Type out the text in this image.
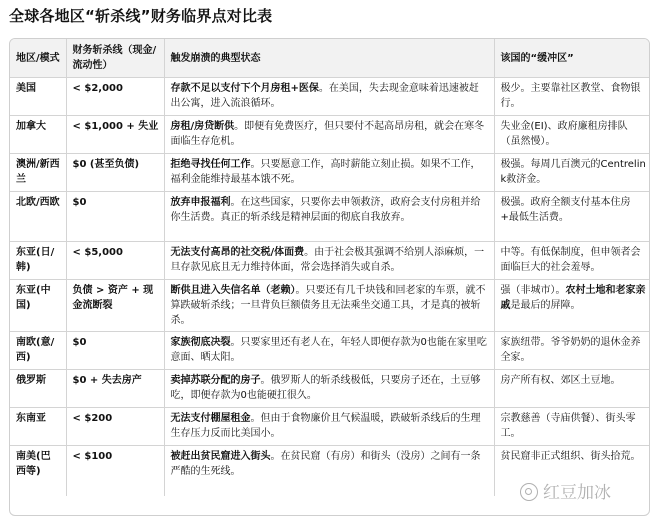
全球各地区“斩杀线”财务临界点对比表
地区/模式	财务斩杀线（现金/流动性）	触发崩溃的典型状态	该国的“缓冲区”
美国	< $2,000	存款不足以支付下个月房租+医保。在美国，失去现金意味着迅速被赶出公寓，进入流浪循环。	极少。主要靠社区教堂、食物银行。
加拿大	< $1,000 + 失业	房租/房贷断供。即便有免费医疗，但只要付不起高昂房租，就会在寒冬面临生存危机。	失业金(EI)、政府廉租房排队（虽然慢）。
澳洲/新西兰	$0 (甚至负债)	拒绝寻找任何工作。只要愿意工作，高时薪能立刻止损。如果不工作，福利金能维持最基本饿不死。	极强。每周几百澳元的Centrelink救济金。
北欧/西欧	$0	放弃申报福利。在这些国家，只要你去申领救济，政府会支付房租并给你生活费。真正的斩杀线是精神层面的彻底自我放弃。	极强。政府全额支付基本住房+最低生活费。
东亚(日/韩)	< $5,000	无法支付高昂的社交税/体面费。由于社会极其强调不给别人添麻烦，一旦存款见底且无力维持体面，常会选择消失或自杀。	中等。有低保制度，但申领者会面临巨大的社会羞辱。
东亚(中国)	负债 > 资产 + 现金流断裂	断供且进入失信名单（老赖）。只要还有几千块钱和回老家的车票，就不算跌破斩杀线；一旦背负巨额债务且无法乘坐交通工具，才是真的被斩杀。	强（非城市）。农村土地和老家亲戚是最后的屏障。
南欧(意/西)	$0	家族彻底决裂。只要家里还有老人在，年轻人即便存款为0也能在家里吃意面、晒太阳。	家族纽带。爷爷奶奶的退休金养全家。
俄罗斯	$0 + 失去房产	卖掉苏联分配的房子。俄罗斯人的斩杀线极低，只要房子还在，土豆够吃，即便存款为0也能硬扛很久。	房产所有权、郊区土豆地。
东南亚	< $200	无法支付棚屋租金。但由于食物廉价且气候温暖，跌破斩杀线后的生理生存压力反而比美国小。	宗教慈善（寺庙供餐）、街头零工。
南美(巴西等)	< $100	被赶出贫民窟进入街头。在贫民窟（有房）和街头（没房）之间有一条严酷的生死线。	贫民窟非正式组织、街头拾荒。
红豆加冰
